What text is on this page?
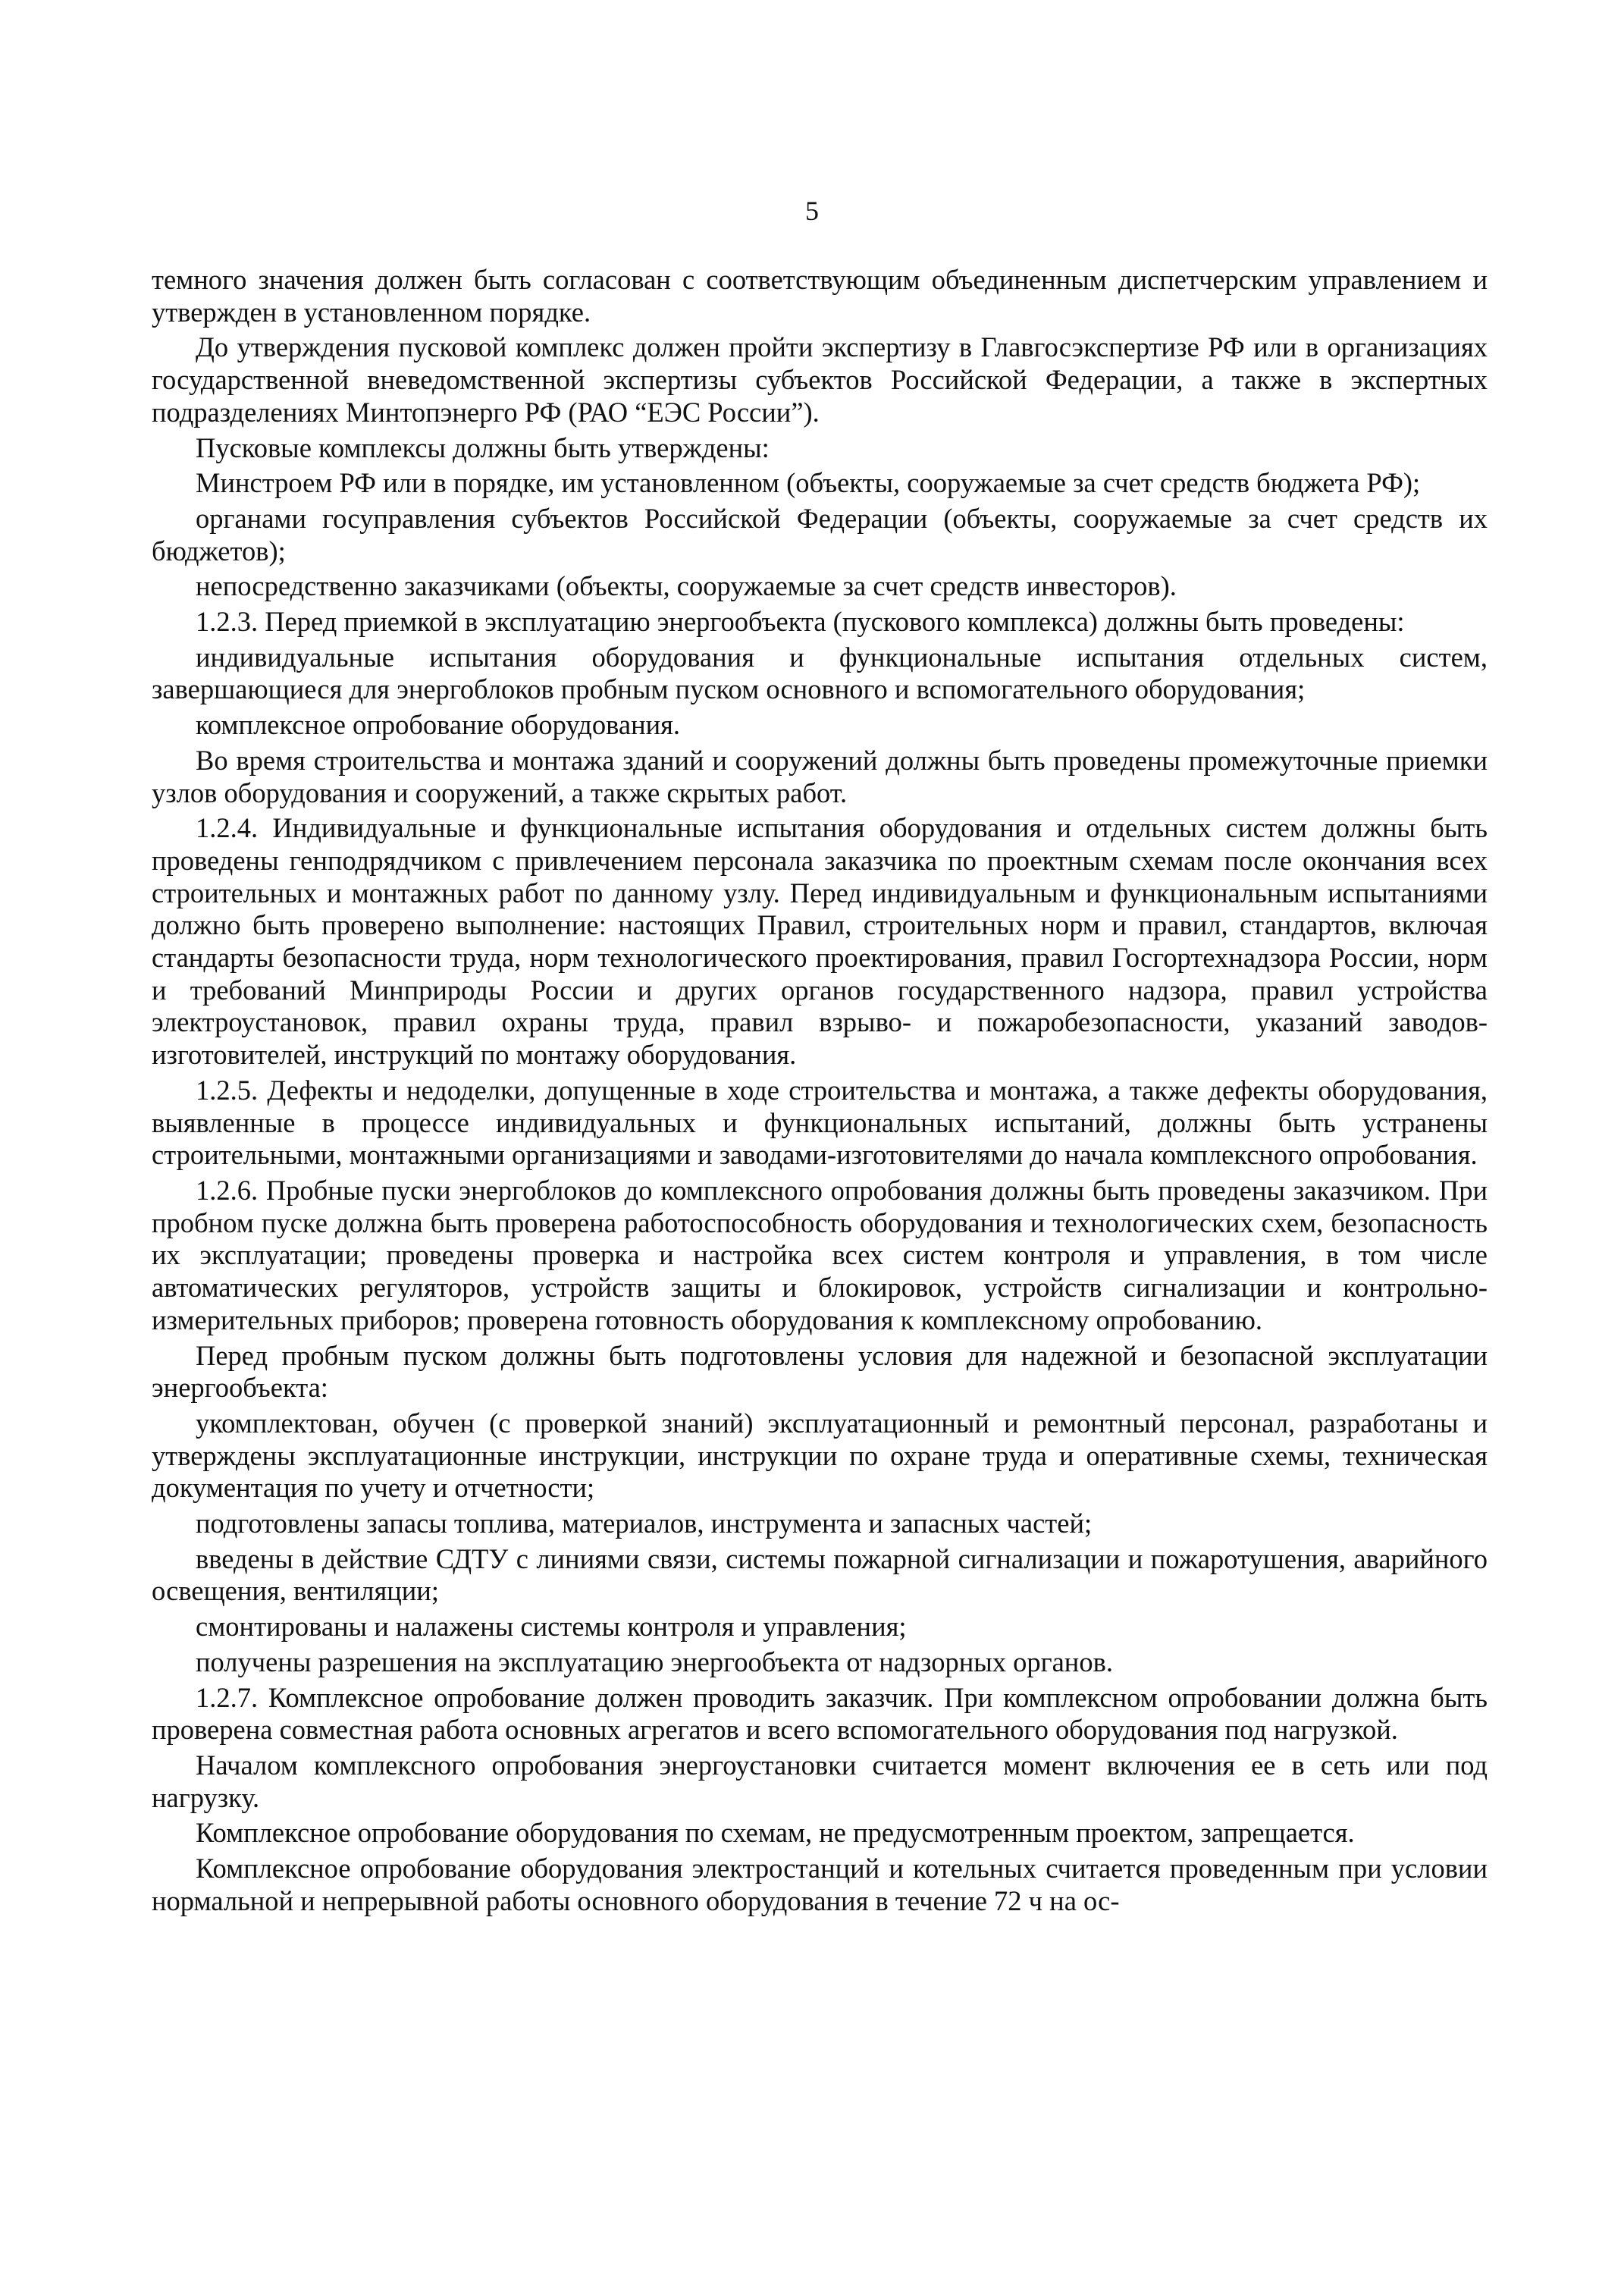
5

темного значения должен быть согласован с соответствующим объединенным диспетчерским управлением и утвержден в установленном порядке.

До утверждения пусковой комплекс должен пройти экспертизу в Главгосэкспертизе РФ или в организациях государственной вневедомственной экспертизы субъектов Российской Федерации, а также в экспертных подразделениях Минтопэнерго РФ (РАО “ЕЭС России”).

Пусковые комплексы должны быть утверждены:

Минстроем РФ или в порядке, им установленном (объекты, сооружаемые за счет средств бюджета РФ);

органами госуправления субъектов Российской Федерации (объекты, сооружаемые за счет средств их бюджетов);

непосредственно заказчиками (объекты, сооружаемые за счет средств инвесторов).

1.2.3. Перед приемкой в эксплуатацию энергообъекта (пускового комплекса) должны быть проведены:

индивидуальные испытания оборудования и функциональные испытания отдельных систем, завершающиеся для энергоблоков пробным пуском основного и вспомогательного оборудования;

комплексное опробование оборудования.

Во время строительства и монтажа зданий и сооружений должны быть проведены промежуточные приемки узлов оборудования и сооружений, а также скрытых работ.

1.2.4. Индивидуальные и функциональные испытания оборудования и отдельных систем должны быть проведены генподрядчиком с привлечением персонала заказчика по проектным схемам после окончания всех строительных и монтажных работ по данному узлу. Перед индивидуальным и функциональным испытаниями должно быть проверено выполнение: настоящих Правил, строительных норм и правил, стандартов, включая стандарты безопасности труда, норм технологического проектирования, правил Госгортехнадзора России, норм и требований Минприроды России и других органов государственного надзора, правил устройства электроустановок, правил охраны труда, правил взрыво- и пожаробезопасности, указаний заводов-изготовителей, инструкций по монтажу оборудования.

1.2.5. Дефекты и недоделки, допущенные в ходе строительства и монтажа, а также дефекты оборудования, выявленные в процессе индивидуальных и функциональных испытаний, должны быть устранены строительными, монтажными организациями и заводами-изготовителями до начала комплексного опробования.

1.2.6. Пробные пуски энергоблоков до комплексного опробования должны быть проведены заказчиком. При пробном пуске должна быть проверена работоспособность оборудования и технологических схем, безопасность их эксплуатации; проведены проверка и настройка всех систем контроля и управления, в том числе автоматических регуляторов, устройств защиты и блокировок, устройств сигнализации и контрольно-измерительных приборов; проверена готовность оборудования к комплексному опробованию.

Перед пробным пуском должны быть подготовлены условия для надежной и безопасной эксплуатации энергообъекта:

укомплектован, обучен (с проверкой знаний) эксплуатационный и ремонтный персонал, разработаны и утверждены эксплуатационные инструкции, инструкции по охране труда и оперативные схемы, техническая документация по учету и отчетности;

подготовлены запасы топлива, материалов, инструмента и запасных частей;

введены в действие СДТУ с линиями связи, системы пожарной сигнализации и пожаротушения, аварийного освещения, вентиляции;

смонтированы и налажены системы контроля и управления;

получены разрешения на эксплуатацию энергообъекта от надзорных органов.

1.2.7. Комплексное опробование должен проводить заказчик. При комплексном опробовании должна быть проверена совместная работа основных агрегатов и всего вспомогательного оборудования под нагрузкой.

Началом комплексного опробования энергоустановки считается момент включения ее в сеть или под нагрузку.

Комплексное опробование оборудования по схемам, не предусмотренным проектом, запрещается.

Комплексное опробование оборудования электростанций и котельных считается проведенным при условии нормальной и непрерывной работы основного оборудования в течение 72 ч на ос-
